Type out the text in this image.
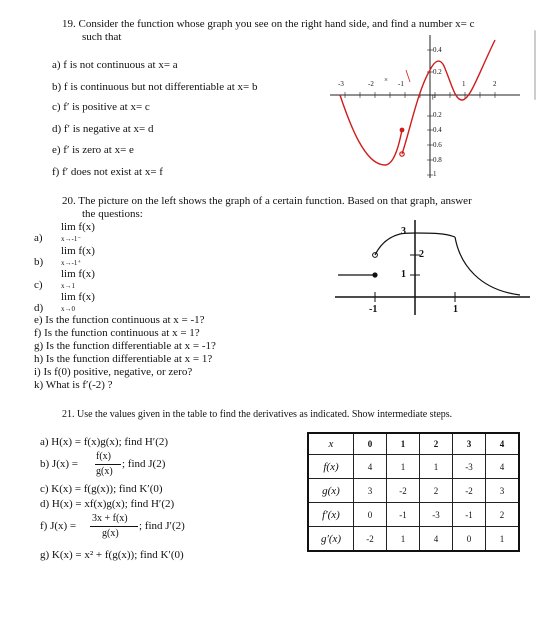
19. Consider the function whose graph you see on the right hand side, and find a number x= c
such that
a) f is not continuous at x= a
b) f is continuous but not differentiable at x= b
c) f′ is positive at x= c
d) f′ is negative at x= d
e) f′ is zero at x= e
f) f′ does not exist at x= f
-3	-2 × -1
p
1	2
0.4
0.2
0.2
0.4
0.6
0.8
1
20. The picture on the left shows the graph of a certain function. Based on that graph, answer
the questions:
a)
lim f(x)
x→-1⁻
b)
lim f(x)
x→-1⁺
c)
lim f(x)
x→1
d)
lim f(x)
x→0
e) Is the function continuous at x = -1?
f) Is the function continuous at x = 1?
g) Is the function differentiable at x = -1?
h) Is the function differentiable at x = 1?
i) Is f(0) positive, negative, or zero?
k) What is f′(-2) ?
3
2
1
-1	1
21. Use the values given in the table to find the derivatives as indicated. Show intermediate steps.
a) H(x) = f(x)g(x); find H′(2)
b) J(x) =
f(x)
g(x)
; find J(2)
c) K(x) = f(g(x)); find K′(0)
d) H(x) = xf(x)g(x); find H′(2)
f) J(x) =
3x + f(x)
g(x)
; find J′(2)
g) K(x) = x² + f(g(x)); find K′(0)
x	0	1	2	3	4
f(x)	4	1	1	-3	4
g(x)	3	-2	2	-2	3
f′(x)	0	-1	-3	-1	2
g′(x)	-2	1	4	0	1
